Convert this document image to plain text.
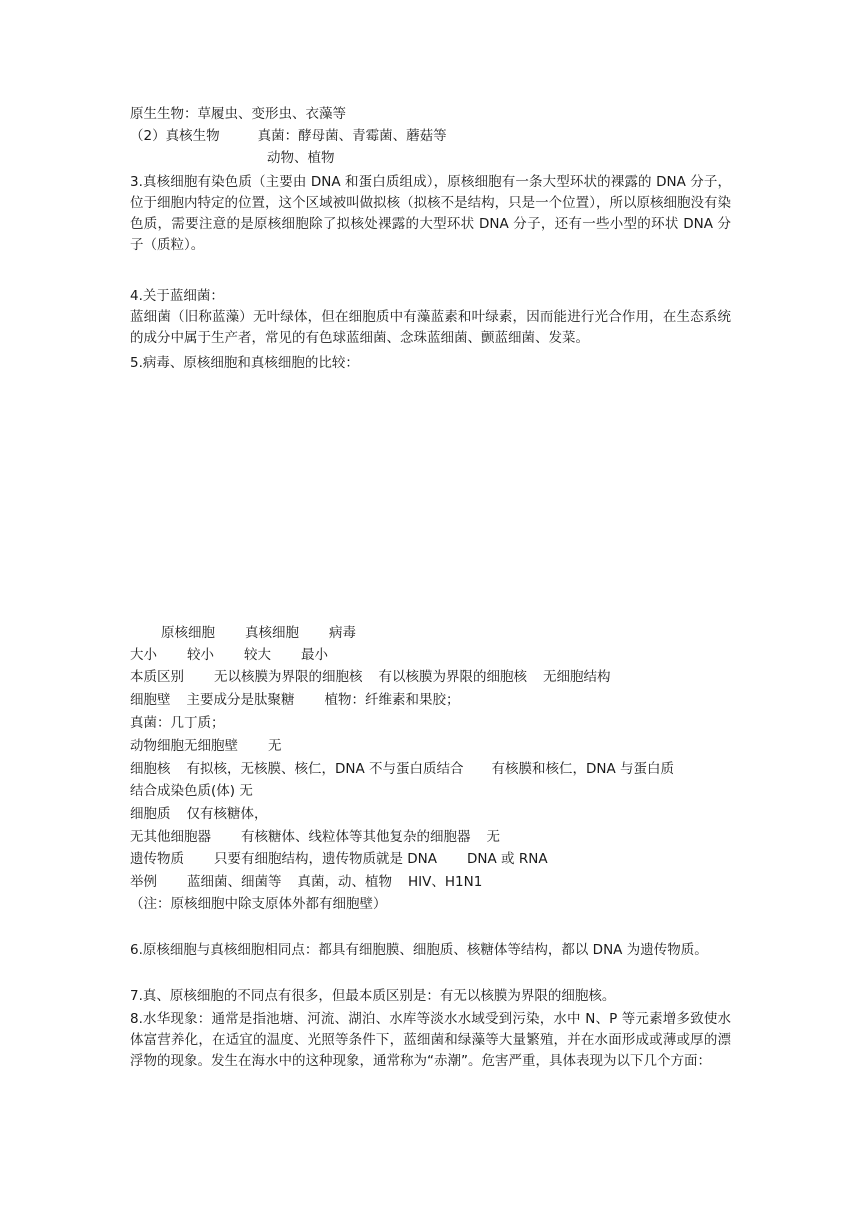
原生生物：草履虫、变形虫、衣藻等
（2）真核生物	真菌：酵母菌、青霉菌、蘑菇等
动物、植物
3.真核细胞有染色质（主要由 DNA 和蛋白质组成），原核细胞有一条大型环状的裸露的 DNA 分子，位于细胞内特定的位置，这个区域被叫做拟核（拟核不是结构，只是一个位置），所以原核细胞没有染色质，需要注意的是原核细胞除了拟核处裸露的大型环状 DNA 分子，还有一些小型的环状 DNA 分子（质粒）。
4.关于蓝细菌：
蓝细菌（旧称蓝藻）无叶绿体，但在细胞质中有藻蓝素和叶绿素，因而能进行光合作用，在生态系统的成分中属于生产者，常见的有色球蓝细菌、念珠蓝细菌、颤蓝细菌、发菜。
5.病毒、原核细胞和真核细胞的比较：
原核细胞 真核细胞 病毒
大小 较小 较大 最小
本质区别 无以核膜为界限的细胞核 有以核膜为界限的细胞核 无细胞结构
细胞壁 主要成分是肽聚糖 植物：纤维素和果胶；
真菌：几丁质；
动物细胞无细胞壁 无
细胞核 有拟核，无核膜、核仁，DNA 不与蛋白质结合 有核膜和核仁，DNA 与蛋白质
结合成染色质(体) 无
细胞质 仅有核糖体，
无其他细胞器 有核糖体、线粒体等其他复杂的细胞器 无
遗传物质 只要有细胞结构，遗传物质就是 DNA DNA 或 RNA
举例 蓝细菌、细菌等 真菌，动、植物 HIV、H1N1
（注：原核细胞中除支原体外都有细胞壁）
6.原核细胞与真核细胞相同点：都具有细胞膜、细胞质、核糖体等结构，都以 DNA 为遗传物质。
7.真、原核细胞的不同点有很多，但最本质区别是：有无以核膜为界限的细胞核。
8.水华现象：通常是指池塘、河流、湖泊、水库等淡水水域受到污染，水中 N、P 等元素增多致使水体富营养化，在适宜的温度、光照等条件下，蓝细菌和绿藻等大量繁殖，并在水面形成或薄或厚的漂浮物的现象。发生在海水中的这种现象，通常称为“赤潮”。危害严重，具体表现为以下几个方面：
